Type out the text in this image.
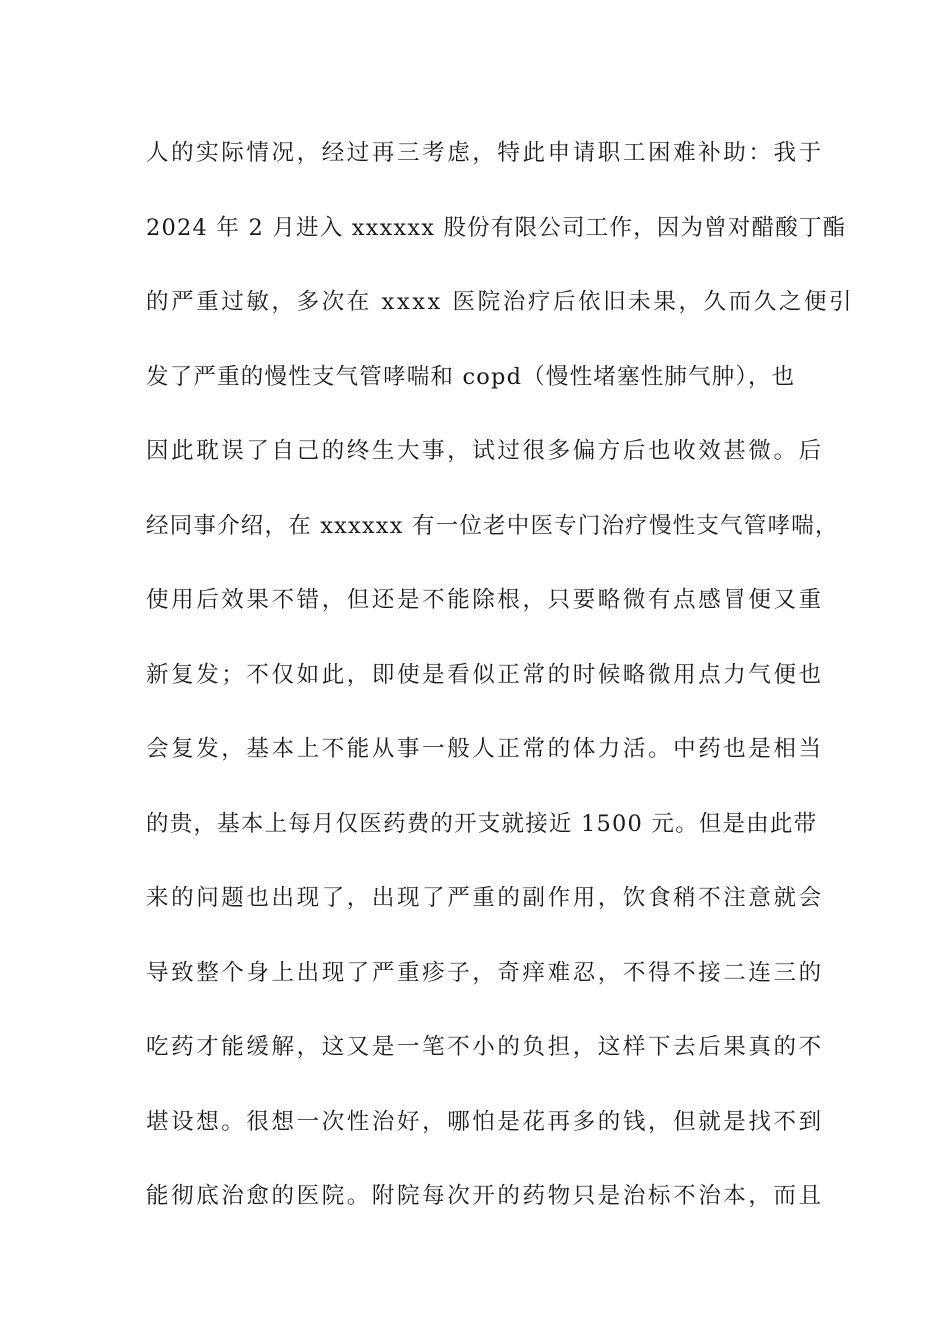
人的实际情况，经过再三考虑，特此申请职工困难补助：我于
2024 年 2 月进入 xxxxxx 股份有限公司工作，因为曾对醋酸丁酯
的严重过敏，多次在 xxxx 医院治疗后依旧未果，久而久之便引
发了严重的慢性支气管哮喘和 copd（慢性堵塞性肺气肿），也
因此耽误了自己的终生大事，试过很多偏方后也收效甚微。后
经同事介绍，在 xxxxxx 有一位老中医专门治疗慢性支气管哮喘，
使用后效果不错，但还是不能除根，只要略微有点感冒便又重
新复发；不仅如此，即使是看似正常的时候略微用点力气便也
会复发，基本上不能从事一般人正常的体力活。中药也是相当
的贵，基本上每月仅医药费的开支就接近 1500 元。但是由此带
来的问题也出现了，出现了严重的副作用，饮食稍不注意就会
导致整个身上出现了严重疹子，奇痒难忍，不得不接二连三的
吃药才能缓解，这又是一笔不小的负担，这样下去后果真的不
堪设想。很想一次性治好，哪怕是花再多的钱，但就是找不到
能彻底治愈的医院。附院每次开的药物只是治标不治本，而且
